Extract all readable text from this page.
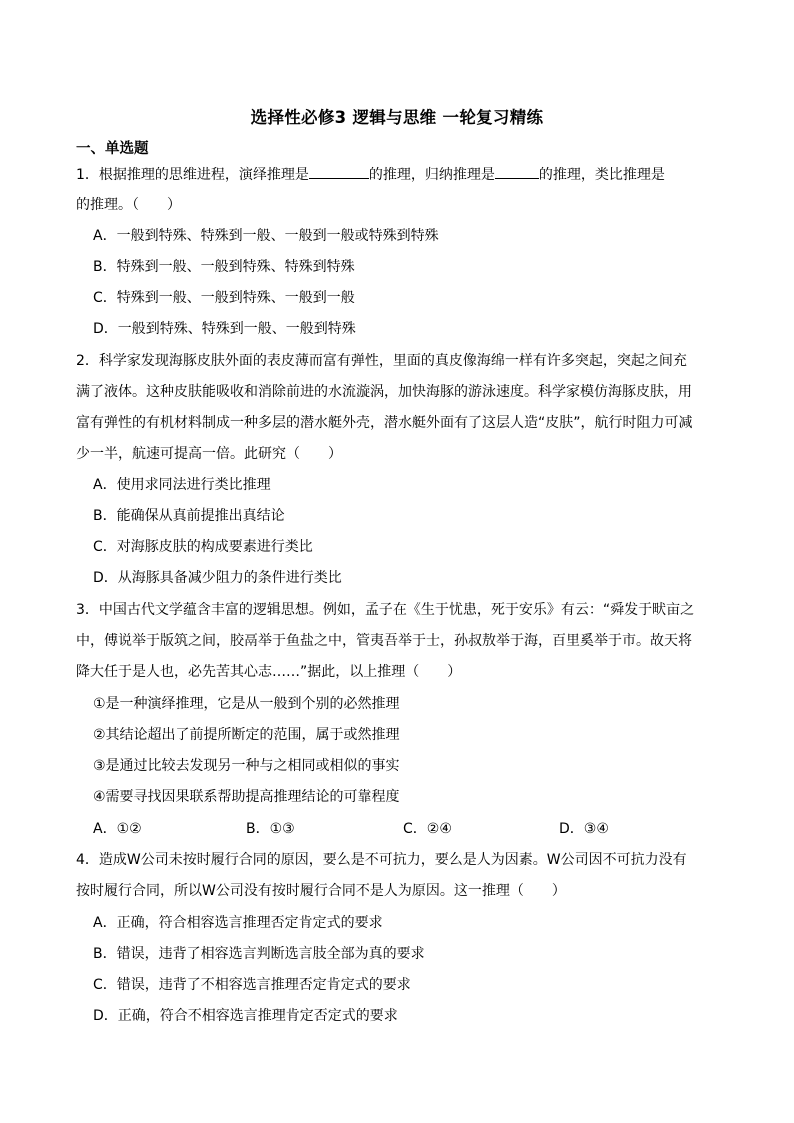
选择性必修3 逻辑与思维 一轮复习精练
一、单选题
1．根据推理的思维进程，演绎推理是	的推理，归纳推理是	的推理，类比推理是
的推理。（　　）
A．一般到特殊、特殊到一般、一般到一般或特殊到特殊
B．特殊到一般、一般到特殊、特殊到特殊
C．特殊到一般、一般到特殊、一般到一般
D．一般到特殊、特殊到一般、一般到特殊
2．科学家发现海豚皮肤外面的表皮薄而富有弹性，里面的真皮像海绵一样有许多突起，突起之间充
满了液体。这种皮肤能吸收和消除前进的水流漩涡，加快海豚的游泳速度。科学家模仿海豚皮肤，用
富有弹性的有机材料制成一种多层的潜水艇外壳，潜水艇外面有了这层人造“皮肤”，航行时阻力可减
少一半，航速可提高一倍。此研究（　　）
A．使用求同法进行类比推理
B．能确保从真前提推出真结论
C．对海豚皮肤的构成要素进行类比
D．从海豚具备减少阻力的条件进行类比
3．中国古代文学蕴含丰富的逻辑思想。例如，孟子在《生于忧患，死于安乐》有云：“舜发于畎亩之
中，傅说举于版筑之间，胶鬲举于鱼盐之中，管夷吾举于士，孙叔敖举于海，百里奚举于市。故天将
降大任于是人也，必先苦其心志……”据此，以上推理（　　）
①是一种演绎推理，它是从一般到个别的必然推理
②其结论超出了前提所断定的范围，属于或然推理
③是通过比较去发现另一种与之相同或相似的事实
④需要寻找因果联系帮助提高推理结论的可靠程度
A．①②	B．①③	C．②④	D．③④
4．造成W公司未按时履行合同的原因，要么是不可抗力，要么是人为因素。W公司因不可抗力没有
按时履行合同，所以W公司没有按时履行合同不是人为原因。这一推理（　　）
A．正确，符合相容选言推理否定肯定式的要求
B．错误，违背了相容选言判断选言肢全部为真的要求
C．错误，违背了不相容选言推理否定肯定式的要求
D．正确，符合不相容选言推理肯定否定式的要求
